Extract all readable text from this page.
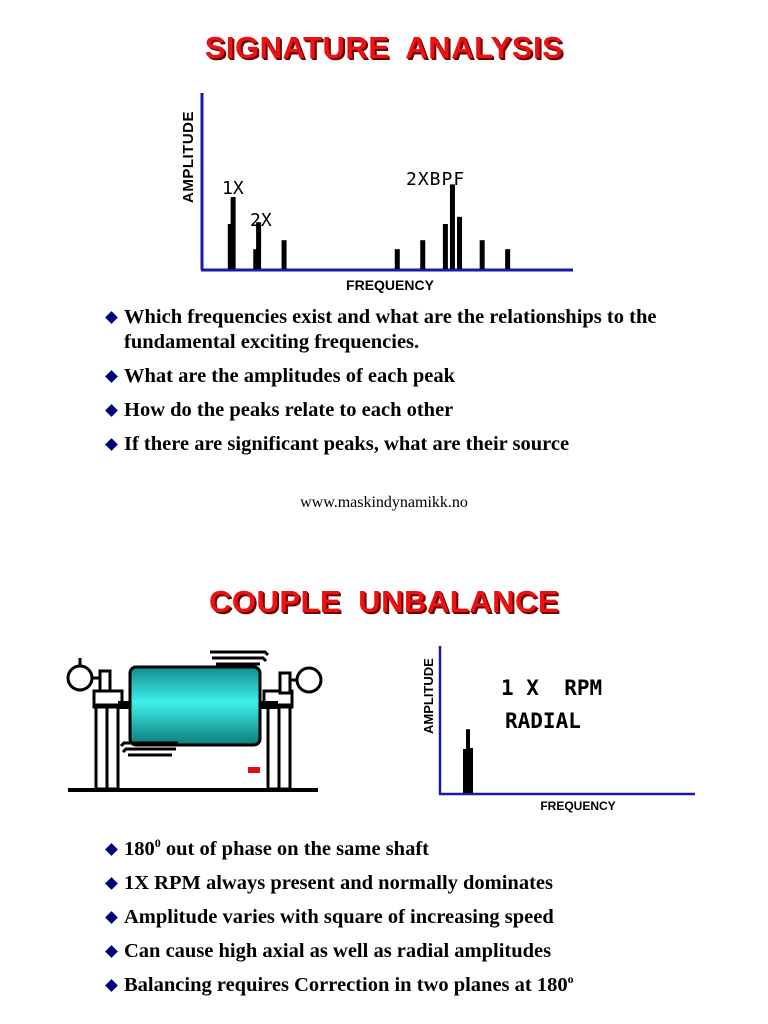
SIGNATURE ANALYSIS
AMPLITUDE
FREQUENCY
1X
2X
2XBPF
Which frequencies exist and what are the relationships to the fundamental exciting frequencies.
What are the amplitudes of each peak
How do the peaks relate to each other
If there are significant peaks, what are their source
www.maskindynamikk.no
COUPLE UNBALANCE
AMPLITUDE
FREQUENCY
1 X  RPM
RADIAL
$180^0$ out of phase on the same shaft
1X RPM always present and normally dominates
Amplitude varies with square of increasing speed
Can cause high axial as well as radial amplitudes
Balancing requires Correction in two planes at 180$^o$
